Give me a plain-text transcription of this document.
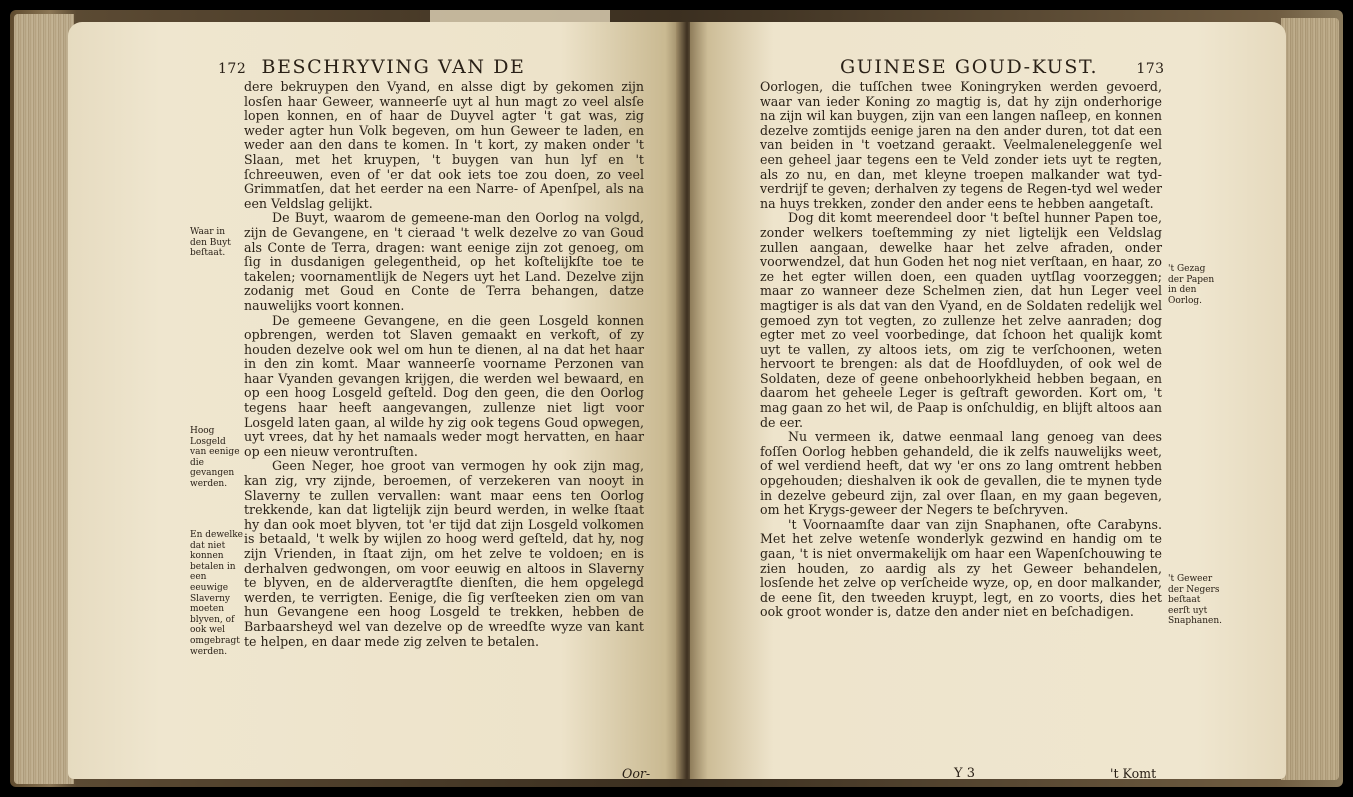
172 BESCHRYVING VAN DE

dere bekruypen den Vyand, en alsse digt by gekomen zijn losſen haar Geweer, wanneerſe uyt al hun magt zo veel alsſe lopen konnen, en of haar de Duyvel agter 't gat was, zig weder agter hun Volk begeven, om hun Geweer te laden, en weder aan den dans te komen. In 't kort, zy maken onder 't Slaan, met het kruypen, 't buygen van hun lyf en 't ſchreeuwen, even of 'er dat ook iets toe zou doen, zo veel Grimmatſen, dat het eerder na een Narre- of Apenſpel, als na een Veldslag gelijkt.

De Buyt, waarom de gemeene-man den Oorlog na volgd, zijn de Gevangene, en 't cieraad 't welk dezelve zo van Goud als Conte de Terra, dragen: want eenige zijn zot genoeg, om ſig in dusdanigen gelegentheid, op het koſtelijkſte toe te takelen; voornamentlijk de Negers uyt het Land. Dezelve zijn zodanig met Goud en Conte de Terra behangen, datze nauwelijks voort konnen.

De gemeene Gevangene, en die geen Losgeld konnen opbrengen, werden tot Slaven gemaakt en verkoft, of zy houden dezelve ook wel om hun te dienen, al na dat het haar in den zin komt. Maar wanneerſe voorname Perzonen van haar Vyanden gevangen krijgen, die werden wel bewaard, en op een hoog Losgeld geſteld. Dog den geen, die den Oorlog tegens haar heeft aangevangen, zullenze niet ligt voor Losgeld laten gaan, al wilde hy zig ook tegens Goud opwegen, uyt vrees, dat hy het namaals weder mogt hervatten, en haar op een nieuw verontruſten.

Geen Neger, hoe groot van vermogen hy ook zijn mag, kan zig, vry zijnde, beroemen, of verzekeren van nooyt in Slaverny te zullen vervallen: want maar eens ten Oorlog trekkende, kan dat ligtelijk zijn beurd werden, in welke ſtaat hy dan ook moet blyven, tot 'er tijd dat zijn Losgeld volkomen is betaald, 't welk by wijlen zo hoog werd geſteld, dat hy, nog zijn Vrienden, in ſtaat zijn, om het zelve te voldoen; en is derhalven gedwongen, om voor eeuwig en altoos in Slaverny te blyven, en de alderveragtſte dienſten, die hem opgelegd werden, te verrigten. Eenige, die ſig verſteeken zien om van hun Gevangene een hoog Losgeld te trekken, hebben de Barbaarsheyd wel van dezelve op de wreedſte wyze van kant te helpen, en daar mede zig zelven te betalen.

Waar in den Buyt beſtaat.
Hoog Losgeld van eenige die gevangen werden.
En dewelke dat niet konnen betalen in een eeuwige Slaverny moeten blyven, of ook wel omgebragt werden.
Oor-
GUINESE GOUD-KUST.	173

Oorlogen, die tuſſchen twee Koningryken werden gevoerd, waar van ieder Koning zo magtig is, dat hy zijn onderhorige na zijn wil kan buygen, zijn van een langen naſleep, en konnen dezelve zomtijds eenige jaren na den ander duren, tot dat een van beiden in 't voetzand geraakt. Veelmaleneleggenſe wel een geheel jaar tegens een te Veld zonder iets uyt te regten, als zo nu, en dan, met kleyne troepen malkander wat tyd-verdrijf te geven; derhalven zy tegens de Regen-tyd wel weder na huys trekken, zonder den ander eens te hebben aangetaſt.

Dog dit komt meerendeel door 't beſtel hunner Papen toe, zonder welkers toeſtemming zy niet ligtelijk een Veldslag zullen aangaan, dewelke haar het zelve afraden, onder voorwendzel, dat hun Goden het nog niet verſtaan, en haar, zo ze het egter willen doen, een quaden uytſlag voorzeggen; maar zo wanneer deze Schelmen zien, dat hun Leger veel magtiger is als dat van den Vyand, en de Soldaten redelijk wel gemoed zyn tot vegten, zo zullenze het zelve aanraden; dog egter met zo veel voorbedinge, dat ſchoon het qualijk komt uyt te vallen, zy altoos iets, om zig te verſchoonen, weten hervoort te brengen: als dat de Hoofdluyden, of ook wel de Soldaten, deze of geene onbehoorlykheid hebben begaan, en daarom het geheele Leger is geſtraft geworden. Kort om, 't mag gaan zo het wil, de Paap is onſchuldig, en blijft altoos aan de eer.

Nu vermeen ik, datwe eenmaal lang genoeg van dees foſſen Oorlog hebben gehandeld, die ik zelfs nauwelijks weet, of wel verdiend heeft, dat wy 'er ons zo lang omtrent hebben opgehouden; dieshalven ik ook de gevallen, die te mynen tyde in dezelve gebeurd zijn, zal over ſlaan, en my gaan begeven, om het Krygs-geweer der Negers te beſchryven.

't Voornaamſte daar van zijn Snaphanen, ofte Carabyns. Met het zelve wetenſe wonderlyk gezwind en handig om te gaan, 't is niet onvermakelijk om haar een Wapenſchouwing te zien houden, zo aardig als zy het Geweer behandelen, losſende het zelve op verſcheide wyze, op, en door malkander, de eene ſit, den tweeden kruypt, legt, en zo voorts, dies het ook groot wonder is, datze den ander niet en beſchadigen.

't Gezag der Papen in den Oorlog.
't Geweer der Negers beſtaat eerſt uyt Snaphanen.
Y 3	't Komt
